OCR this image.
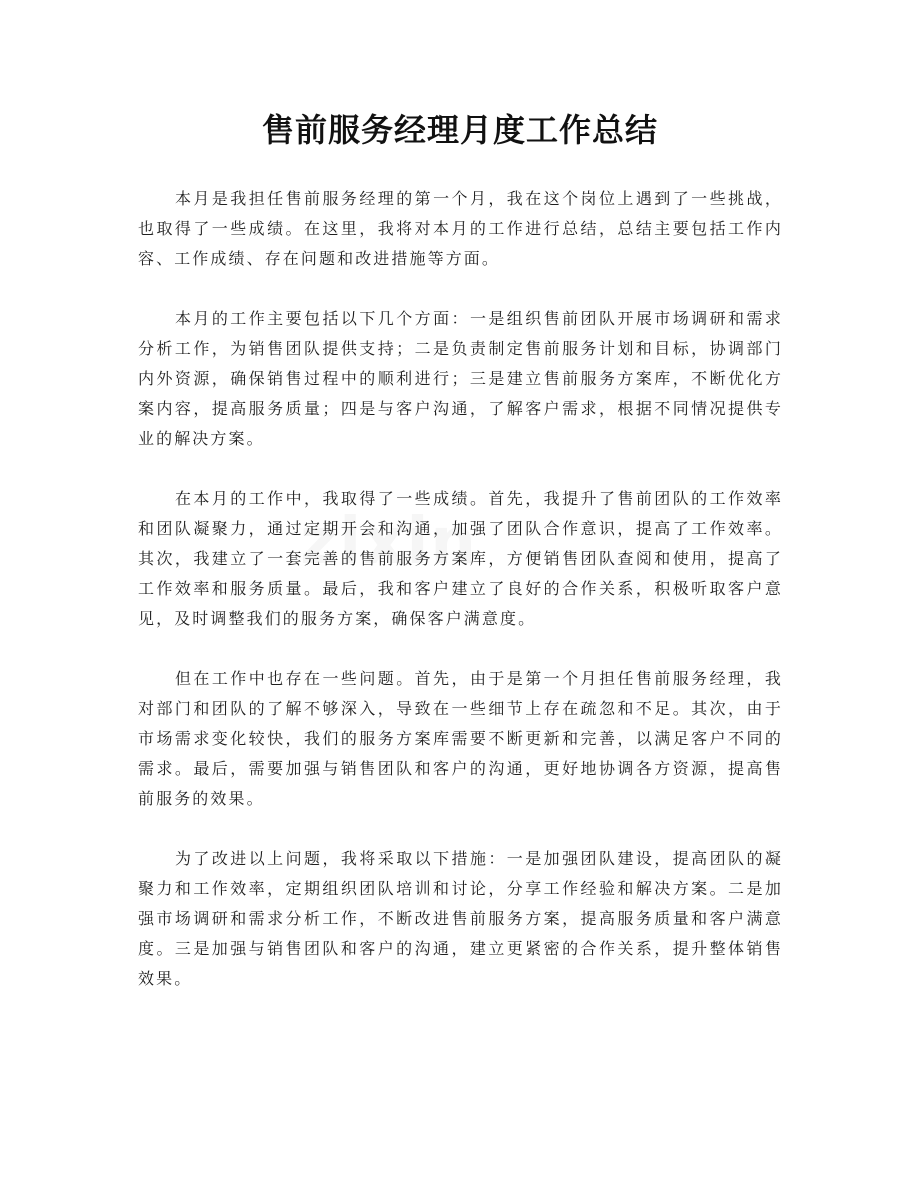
售前服务经理月度工作总结
zixin

本月是我担任售前服务经理的第一个月，我在这个岗位上遇到了一些挑战，也取得了一些成绩。在这里，我将对本月的工作进行总结，总结主要包括工作内容、工作成绩、存在问题和改进措施等方面。

本月的工作主要包括以下几个方面：一是组织售前团队开展市场调研和需求分析工作，为销售团队提供支持；二是负责制定售前服务计划和目标，协调部门内外资源，确保销售过程中的顺利进行；三是建立售前服务方案库，不断优化方案内容，提高服务质量；四是与客户沟通，了解客户需求，根据不同情况提供专业的解决方案。

在本月的工作中，我取得了一些成绩。首先，我提升了售前团队的工作效率和团队凝聚力，通过定期开会和沟通，加强了团队合作意识，提高了工作效率。其次，我建立了一套完善的售前服务方案库，方便销售团队查阅和使用，提高了工作效率和服务质量。最后，我和客户建立了良好的合作关系，积极听取客户意见，及时调整我们的服务方案，确保客户满意度。

但在工作中也存在一些问题。首先，由于是第一个月担任售前服务经理，我对部门和团队的了解不够深入，导致在一些细节上存在疏忽和不足。其次，由于市场需求变化较快，我们的服务方案库需要不断更新和完善，以满足客户不同的需求。最后，需要加强与销售团队和客户的沟通，更好地协调各方资源，提高售前服务的效果。

为了改进以上问题，我将采取以下措施：一是加强团队建设，提高团队的凝聚力和工作效率，定期组织团队培训和讨论，分享工作经验和解决方案。二是加强市场调研和需求分析工作，不断改进售前服务方案，提高服务质量和客户满意度。三是加强与销售团队和客户的沟通，建立更紧密的合作关系，提升整体销售效果。
